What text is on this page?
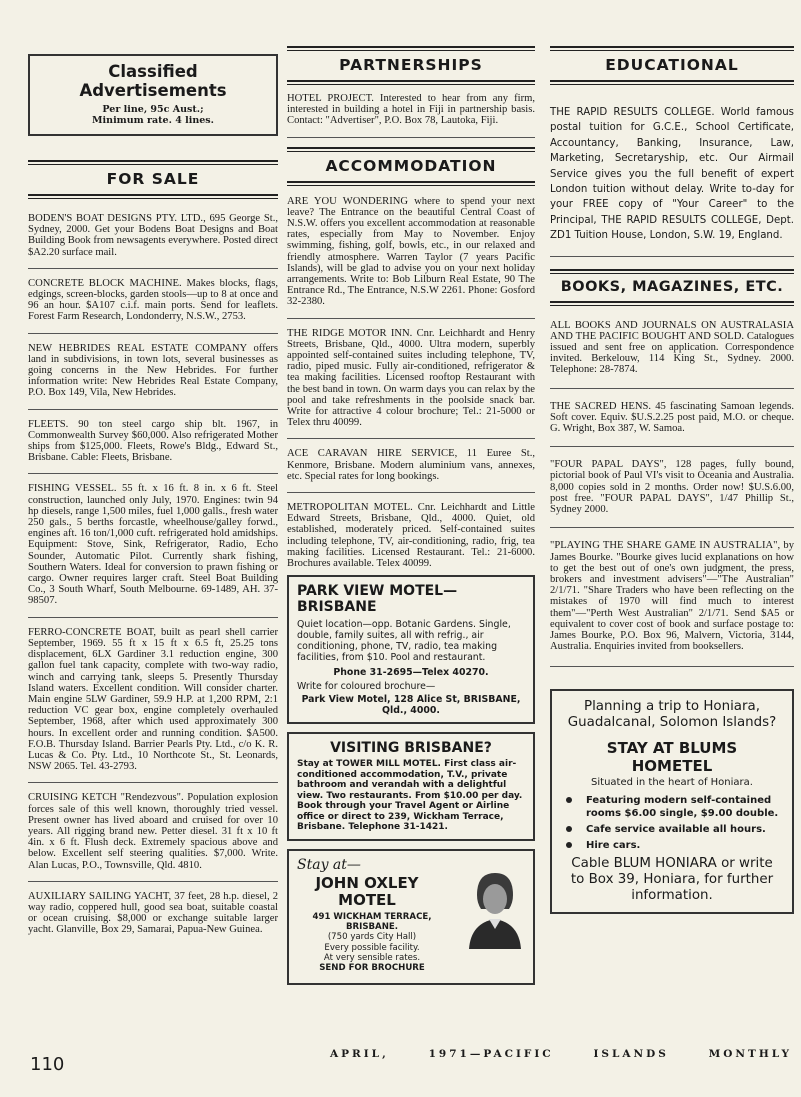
Classified Advertisements
Per line, 95c Aust.;
Minimum rate. 4 lines.
FOR SALE
BODEN'S BOAT DESIGNS PTY. LTD., 695 George St., Sydney, 2000. Get your Bodens Boat Designs and Boat Building Book from newsagents everywhere. Posted direct $A2.20 surface mail.
CONCRETE BLOCK MACHINE. Makes blocks, flags, edgings, screen-blocks, garden stools—up to 8 at once and 96 an hour. $A107 c.i.f. main ports. Send for leaflets. Forest Farm Research, Londonderry, N.S.W., 2753.
NEW HEBRIDES REAL ESTATE COMPANY offers land in subdivisions, in town lots, several businesses as going concerns in the New Hebrides. For further information write: New Hebrides Real Estate Company, P.O. Box 149, Vila, New Hebrides.
FLEETS. 90 ton steel cargo ship blt. 1967, in Commonwealth Survey $60,000. Also refrigerated Mother ships from $125,000. Fleets, Rowe's Bldg., Edward St., Brisbane. Cable: Fleets, Brisbane.
FISHING VESSEL. 55 ft. x 16 ft. 8 in. x 6 ft. Steel construction, launched only July, 1970. Engines: twin 94 hp diesels, range 1,500 miles, fuel 1,000 galls., fresh water 250 gals., 5 berths forcastle, wheelhouse/galley forwd., engines aft. 16 ton/1,000 cuft. refrigerated hold amidships. Equipment: Stove, Sink, Refrigerator, Radio, Echo Sounder, Automatic Pilot. Currently shark fishing, Southern Waters. Ideal for conversion to prawn fishing or cargo. Owner requires larger craft. Steel Boat Building Co., 3 South Wharf, South Melbourne. 69-1489, AH. 37-98507.
FERRO-CONCRETE BOAT, built as pearl shell carrier September, 1969. 55 ft x 15 ft x 6.5 ft, 25.25 tons displacement, 6LX Gardiner 3.1 reduction engine, 300 gallon fuel tank capacity, complete with two-way radio, winch and carrying tank, sleeps 5. Presently Thursday Island waters. Excellent condition. Will consider charter. Main engine 5LW Gardiner, 59.9 H.P. at 1,200 RPM, 2:1 reduction VC gear box, engine completely overhauled September, 1968, after which used approximately 300 hours. In excellent order and running condition. $A500. F.O.B. Thursday Island. Barrier Pearls Pty. Ltd., c/o K. R. Lucas & Co. Pty. Ltd., 10 Northcote St., St. Leonards, NSW 2065. Tel. 43-2793.
CRUISING KETCH "Rendezvous". Population explosion forces sale of this well known, thoroughly tried vessel. Present owner has lived aboard and cruised for over 10 years. All rigging brand new. Petter diesel. 31 ft x 10 ft 4in. x 6 ft. Flush deck. Extremely spacious above and below. Excellent self steering qualities. $7,000. Write. Alan Lucas, P.O., Townsville, Qld. 4810.
AUXILIARY SAILING YACHT, 37 feet, 28 h.p. diesel, 2 way radio, coppered hull, good sea boat, suitable coastal or ocean cruising. $8,000 or exchange suitable larger yacht. Glanville, Box 29, Samarai, Papua-New Guinea.
PARTNERSHIPS
HOTEL PROJECT. Interested to hear from any firm, interested in building a hotel in Fiji in partnership basis. Contact: "Advertiser", P.O. Box 78, Lautoka, Fiji.
ACCOMMODATION
ARE YOU WONDERING where to spend your next leave? The Entrance on the beautiful Central Coast of N.S.W. offers you excellent accommodation at reasonable rates, especially from May to November. Enjoy swimming, fishing, golf, bowls, etc., in our relaxed and friendly atmosphere. Warren Taylor (7 years Pacific Islands), will be glad to advise you on your next holiday arrangements. Write to: Bob Lilburn Real Estate, 90 The Entrance Rd., The Entrance, N.S.W 2261. Phone: Gosford 32-2380.
THE RIDGE MOTOR INN. Cnr. Leichhardt and Henry Streets, Brisbane, Qld., 4000. Ultra modern, superbly appointed self-contained suites including telephone, TV, radio, piped music. Fully air-conditioned, refrigerator & tea making facilities. Licensed rooftop Restaurant with the best band in town. On warm days you can relax by the pool and take refreshments in the poolside snack bar. Write for attractive 4 colour brochure; Tel.: 21-5000 or Telex thru 40099.
ACE CARAVAN HIRE SERVICE, 11 Euree St., Kenmore, Brisbane. Modern aluminium vans, annexes, etc. Special rates for long bookings.
METROPOLITAN MOTEL. Cnr. Leichhardt and Little Edward Streets, Brisbane, Qld., 4000. Quiet, old established, moderately priced. Self-contained suites including telephone, TV, air-conditioning, radio, frig, tea making facilities. Licensed Restaurant. Tel.: 21-6000. Brochures available. Telex 40099.
PARK VIEW MOTEL—BRISBANE
Quiet location—opp. Botanic Gardens. Single, double, family suites, all with refrig., air conditioning, phone, TV, radio, tea making facilities, from $10. Pool and restaurant.
Phone 31-2695—Telex 40270.
Write for coloured brochure—
Park View Motel, 128 Alice St, BRISBANE, Qld., 4000.
VISITING BRISBANE?
Stay at TOWER MILL MOTEL. First class air-conditioned accommodation, T.V., private bathroom and verandah with a delightful view. Two restaurants. From $10.00 per day. Book through your Travel Agent or Airline office or direct to 239, Wickham Terrace, Brisbane. Telephone 31-1421.
Stay at—
JOHN OXLEY
MOTEL
491 WICKHAM TERRACE,
BRISBANE.
(750 yards City Hall)
Every possible facility.
At very sensible rates.
SEND FOR BROCHURE
EDUCATIONAL
THE RAPID RESULTS COLLEGE. World famous postal tuition for G.C.E., School Certificate, Accountancy, Banking, Insurance, Law, Marketing, Secretaryship, etc. Our Airmail Service gives you the full benefit of expert London tuition without delay. Write to-day for your FREE copy of "Your Career" to the Principal, THE RAPID RESULTS COLLEGE, Dept. ZD1 Tuition House, London, S.W. 19, England.
BOOKS, MAGAZINES, ETC.
ALL BOOKS AND JOURNALS ON AUSTRALASIA AND THE PACIFIC BOUGHT AND SOLD. Catalogues issued and sent free on application. Correspondence invited. Berkelouw, 114 King St., Sydney. 2000. Telephone: 28-7874.
THE SACRED HENS. 45 fascinating Samoan legends. Soft cover. Equiv. $U.S.2.25 post paid, M.O. or cheque. G. Wright, Box 387, W. Samoa.
"FOUR PAPAL DAYS", 128 pages, fully bound, pictorial book of Paul VI's visit to Oceania and Australia. 8,000 copies sold in 2 months. Order now! $U.S.6.00, post free. "FOUR PAPAL DAYS", 1/47 Phillip St., Sydney 2000.
"PLAYING THE SHARE GAME IN AUSTRALIA", by James Bourke. "Bourke gives lucid explanations on how to get the best out of one's own judgment, the press, brokers and investment advisers"—"The Australian" 2/1/71. "Share Traders who have been reflecting on the mistakes of 1970 will find much to interest them"—"Perth West Australian" 2/1/71. Send $A5 or equivalent to cover cost of book and surface postage to: James Bourke, P.O. Box 96, Malvern, Victoria, 3144, Australia. Enquiries invited from booksellers.
Planning a trip to Honiara, Guadalcanal, Solomon Islands?
STAY AT BLUMS HOMETEL
Situated in the heart of Honiara.
Featuring modern self-contained rooms $6.00 single, $9.00 double.
Cafe service available all hours.
Hire cars.
Cable BLUM HONIARA or write to Box 39, Honiara, for further information.
110	APRIL,	1971—PACIFIC	ISLANDS	MONTHLY
